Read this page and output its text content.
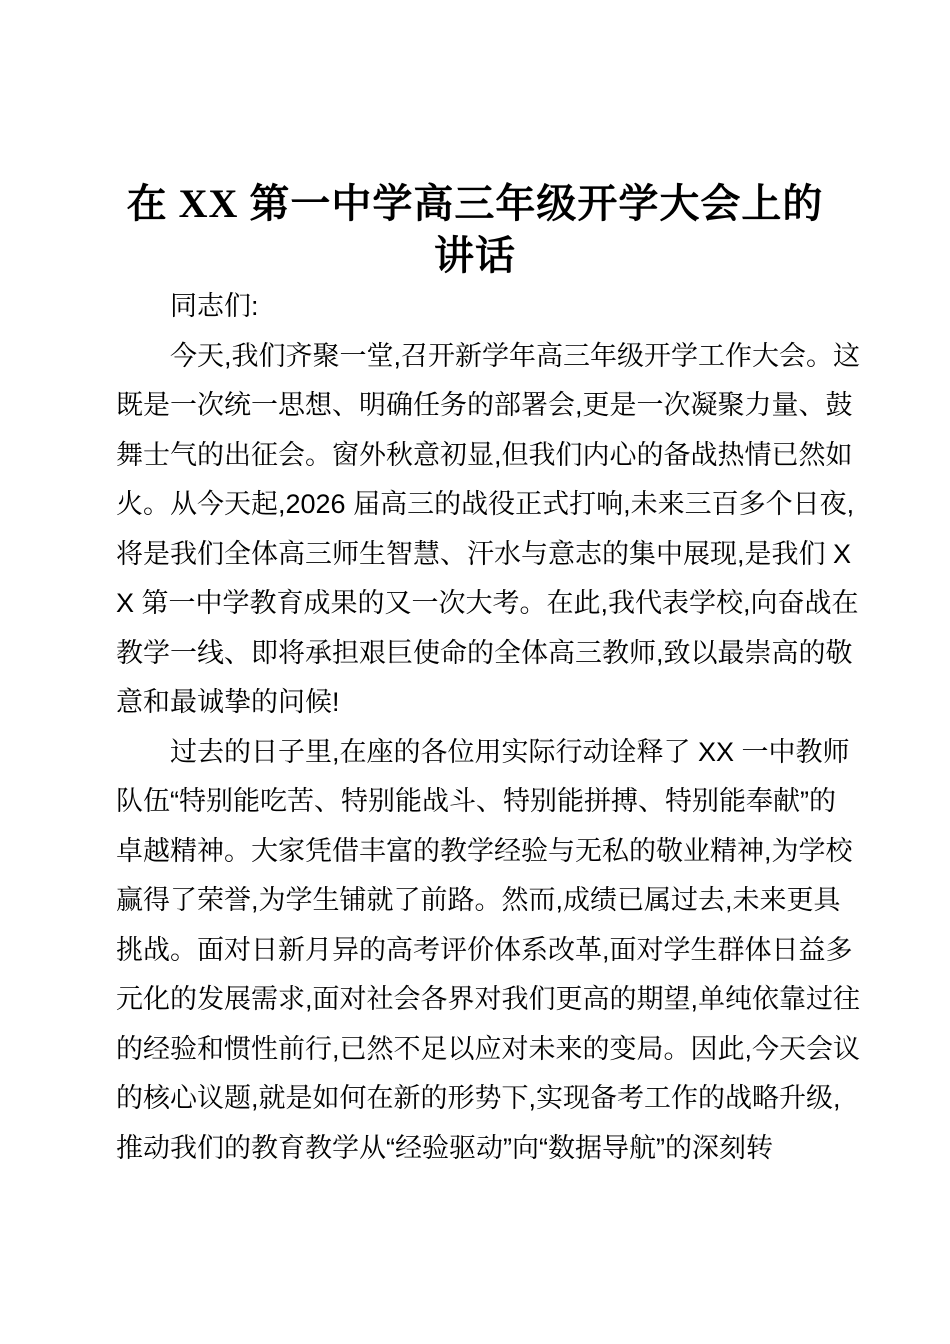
在 XX 第一中学高三年级开学大会上的
讲话

同志们:

今天,我们齐聚一堂,召开新学年高三年级开学工作大会。这既是一次统一思想、明确任务的部署会,更是一次凝聚力量、鼓舞士气的出征会。窗外秋意初显,但我们内心的备战热情已然如火。从今天起,2026 届高三的战役正式打响,未来三百多个日夜,将是我们全体高三师生智慧、汗水与意志的集中展现,是我们 XX 第一中学教育成果的又一次大考。在此,我代表学校,向奋战在教学一线、即将承担艰巨使命的全体高三教师,致以最崇高的敬意和最诚挚的问候!

过去的日子里,在座的各位用实际行动诠释了 XX 一中教师队伍“特别能吃苦、特别能战斗、特别能拼搏、特别能奉献”的卓越精神。大家凭借丰富的教学经验与无私的敬业精神,为学校赢得了荣誉,为学生铺就了前路。然而,成绩已属过去,未来更具挑战。面对日新月异的高考评价体系改革,面对学生群体日益多元化的发展需求,面对社会各界对我们更高的期望,单纯依靠过往的经验和惯性前行,已然不足以应对未来的变局。因此,今天会议的核心议题,就是如何在新的形势下,实现备考工作的战略升级,推动我们的教育教学从“经验驱动”向“数据导航”的深刻转
